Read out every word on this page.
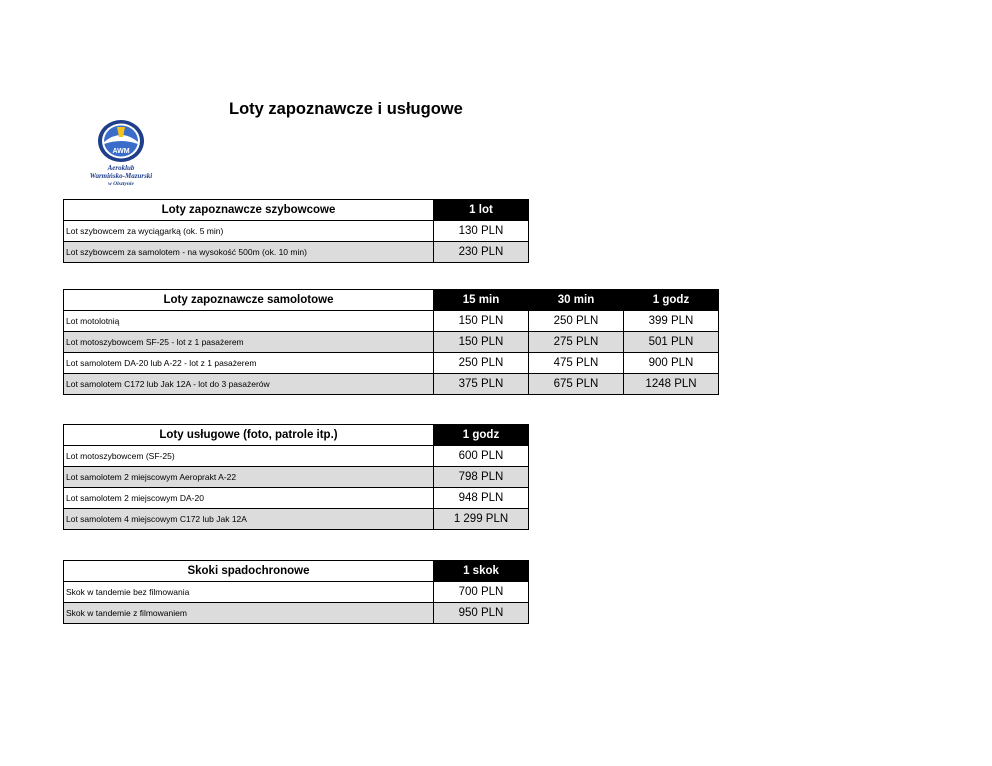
Loty zapoznawcze i usługowe
AWM
Aeroklub
Warmińsko-Mazurski
w Olsztynie
Loty zapoznawcze szybowcowe	1 lot
Lot szybowcem za wyciągarką (ok. 5 min)	130 PLN
Lot szybowcem za samolotem - na wysokość 500m (ok. 10 min)	230 PLN
Loty zapoznawcze samolotowe	15 min	30 min	1 godz
Lot motolotnią	150 PLN	250 PLN	399 PLN
Lot motoszybowcem SF-25 - lot z 1 pasażerem	150 PLN	275 PLN	501 PLN
Lot samolotem DA-20 lub A-22 - lot z 1 pasażerem	250 PLN	475 PLN	900 PLN
Lot samolotem C172 lub Jak 12A - lot do 3 pasażerów	375 PLN	675 PLN	1248 PLN
Loty usługowe (foto, patrole itp.)	1 godz
Lot motoszybowcem (SF-25)	600 PLN
Lot samolotem 2 miejscowym Aeroprakt A-22	798 PLN
Lot samolotem 2 miejscowym DA-20	948 PLN
Lot samolotem 4 miejscowym C172 lub Jak 12A	1 299 PLN
Skoki spadochronowe	1 skok
Skok w tandemie bez filmowania	700 PLN
Skok w tandemie z filmowaniem	950 PLN
